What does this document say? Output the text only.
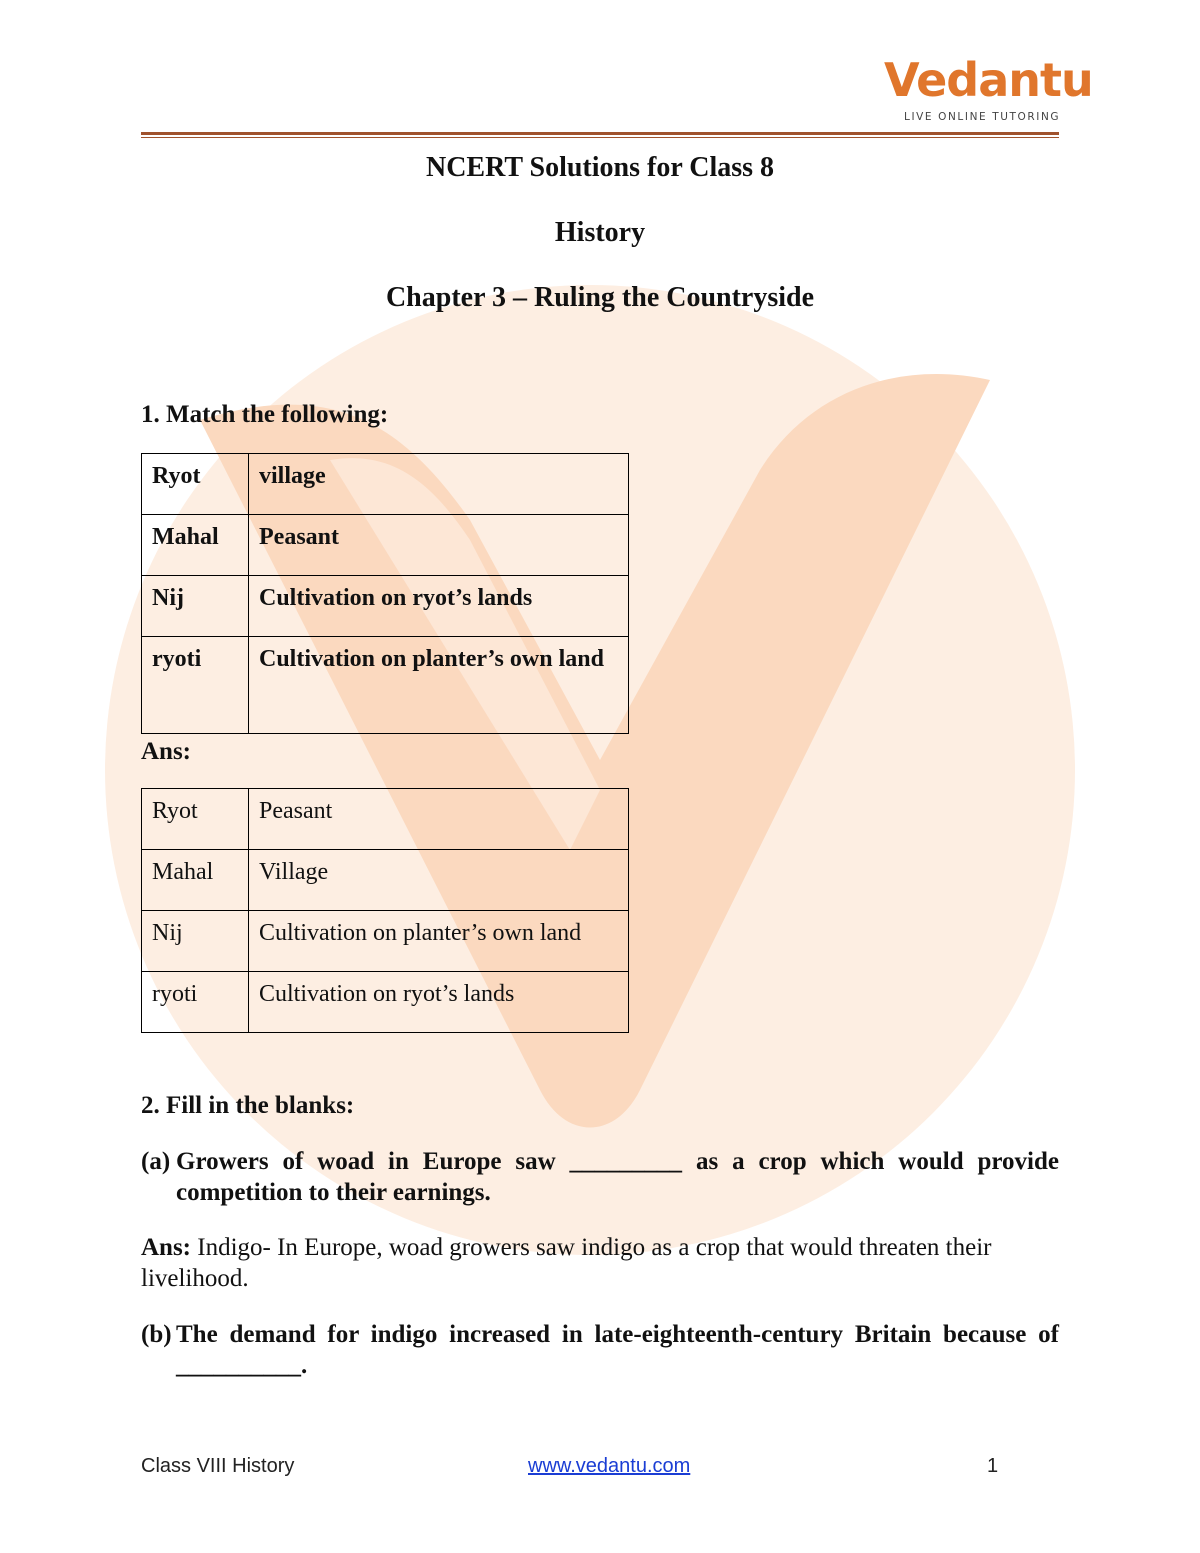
Vedantu
LIVE ONLINE TUTORING
NCERT Solutions for Class 8
History
Chapter 3 – Ruling the Countryside
1. Match the following:
Ryot	village
Mahal	Peasant
Nij	Cultivation on ryot’s lands
ryoti	Cultivation on planter’s own land
Ans:
Ryot	Peasant
Mahal	Village
Nij	Cultivation on planter’s own land
ryoti	Cultivation on ryot’s lands
2. Fill in the blanks:
(a) Growers of woad in Europe saw _________ as a crop which would provide competition to their earnings.
Ans: Indigo- In Europe, woad growers saw indigo as a crop that would threaten their livelihood.
(b) The demand for indigo increased in late-eighteenth-century Britain because of __________.
Class VIII History	www.vedantu.com	1
